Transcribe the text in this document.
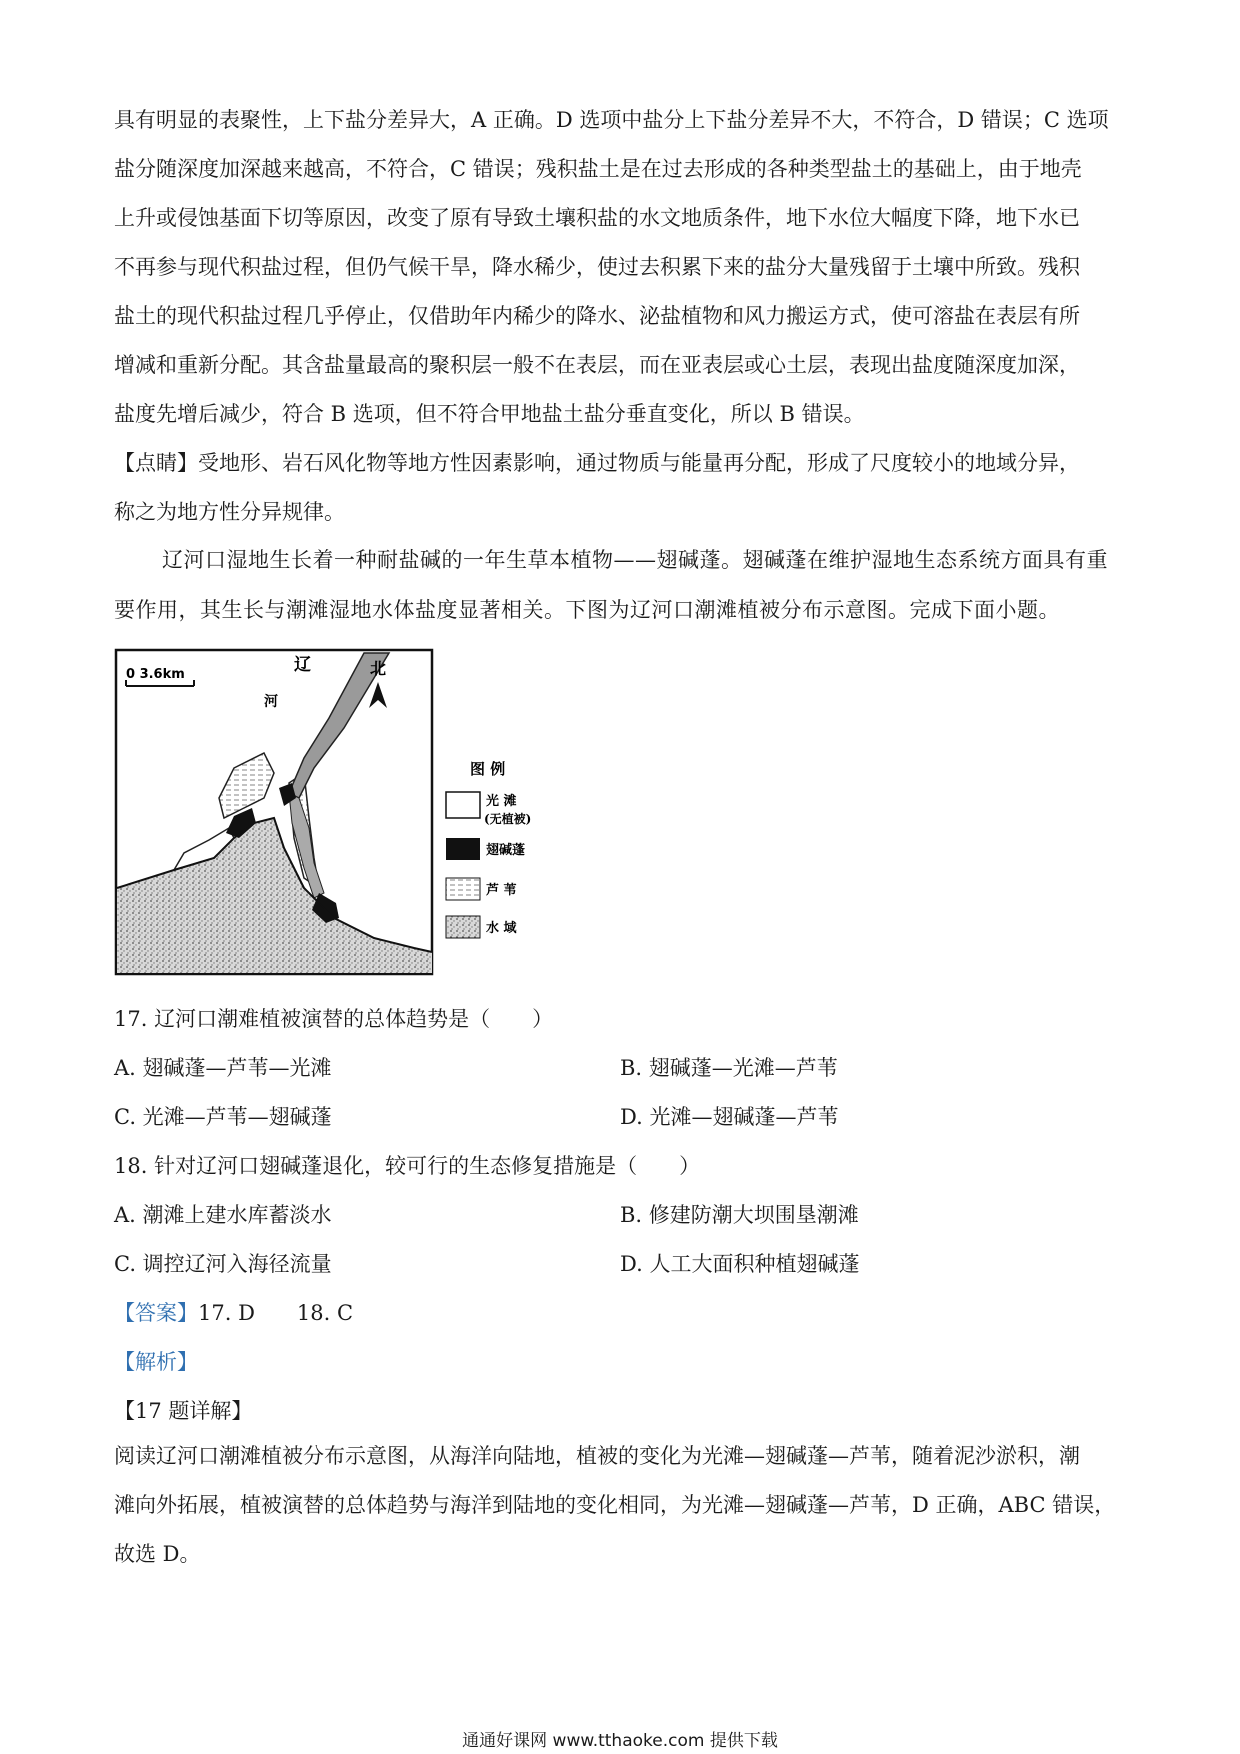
具有明显的表聚性，上下盐分差异大，A 正确。D 选项中盐分上下盐分差异不大，不符合，D 错误；C 选项

盐分随深度加深越来越高，不符合，C 错误；残积盐土是在过去形成的各种类型盐土的基础上，由于地壳

上升或侵蚀基面下切等原因，改变了原有导致土壤积盐的水文地质条件，地下水位大幅度下降，地下水已

不再参与现代积盐过程，但仍气候干旱，降水稀少，使过去积累下来的盐分大量残留于土壤中所致。残积

盐土的现代积盐过程几乎停止，仅借助年内稀少的降水、泌盐植物和风力搬运方式，使可溶盐在表层有所

增减和重新分配。其含盐量最高的聚积层一般不在表层，而在亚表层或心土层，表现出盐度随深度加深，

盐度先增后减少，符合 B 选项，但不符合甲地盐土盐分垂直变化，所以 B 错误。

【点睛】受地形、岩石风化物等地方性因素影响，通过物质与能量再分配，形成了尺度较小的地域分异，

称之为地方性分异规律。

辽河口湿地生长着一种耐盐碱的一年生草本植物——翅碱蓬。翅碱蓬在维护湿地生态系统方面具有重要作用，其生长与潮滩湿地水体盐度显著相关。下图为辽河口潮滩植被分布示意图。完成下面小题。

0 3.6km	辽
河
北
图 例
光 滩
(无植被)
翅碱蓬
芦 苇
水 域
17. 辽河口潮难植被演替的总体趋势是（　　）
A. 翅碱蓬—芦苇—光滩	B. 翅碱蓬—光滩—芦苇
C. 光滩—芦苇—翅碱蓬	D. 光滩—翅碱蓬—芦苇
18. 针对辽河口翅碱蓬退化，较可行的生态修复措施是（　　）
A. 潮滩上建水库蓄淡水	B. 修建防潮大坝围垦潮滩
C. 调控辽河入海径流量	D. 人工大面积种植翅碱蓬
【答案】17. D　　18. C
【解析】
【17 题详解】

阅读辽河口潮滩植被分布示意图，从海洋向陆地，植被的变化为光滩—翅碱蓬—芦苇，随着泥沙淤积，潮

滩向外拓展，植被演替的总体趋势与海洋到陆地的变化相同，为光滩—翅碱蓬—芦苇，D 正确，ABC 错误，

故选 D。

通通好课网 www.tthaoke.com 提供下载
